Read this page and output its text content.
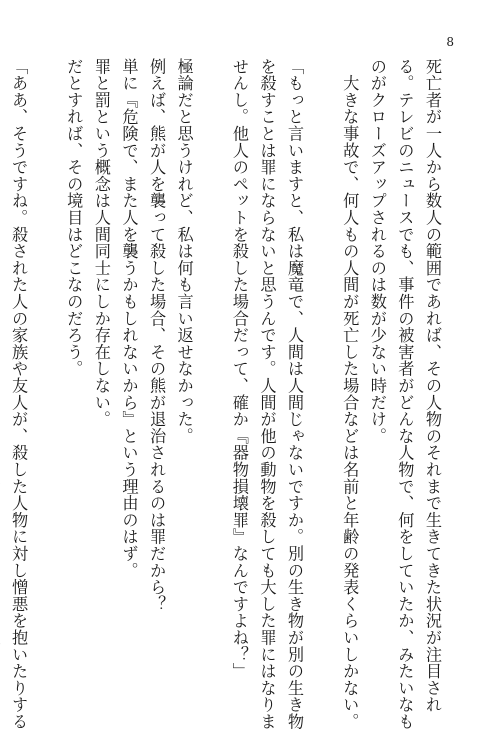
8
死亡者が一人から数人の範囲であれば、その人物のそれまで生きてきた状況が注目され
る。テレビのニュースでも、事件の被害者がどんな人物で、何をしていたか、みたいなも
のがクローズアップされるのは数が少ない時だけ。
　大きな事故で、何人もの人間が死亡した場合などは名前と年齢の発表くらいしかない。
「もっと言いますと、私は魔竜で、人間は人間じゃないですか。別の生き物が別の生き物
を殺すことは罪にならないと思うんです。人間が他の動物を殺しても大した罪にはなりま
せんし。他人のペットを殺した場合だって、確か『器物損壊罪』なんですよね？」
極論だと思うけれど、私は何も言い返せなかった。
例えば、熊が人を襲って殺した場合、その熊が退治されるのは罪だから？
単に『危険で、また人を襲うかもしれないから』という理由のはず。
罪と罰という概念は人間同士にしか存在しない。
だとすれば、その境目はどこなのだろう。
「ああ、そうですね。殺された人の家族や友人が、殺した人物に対し憎悪を抱いたりする
